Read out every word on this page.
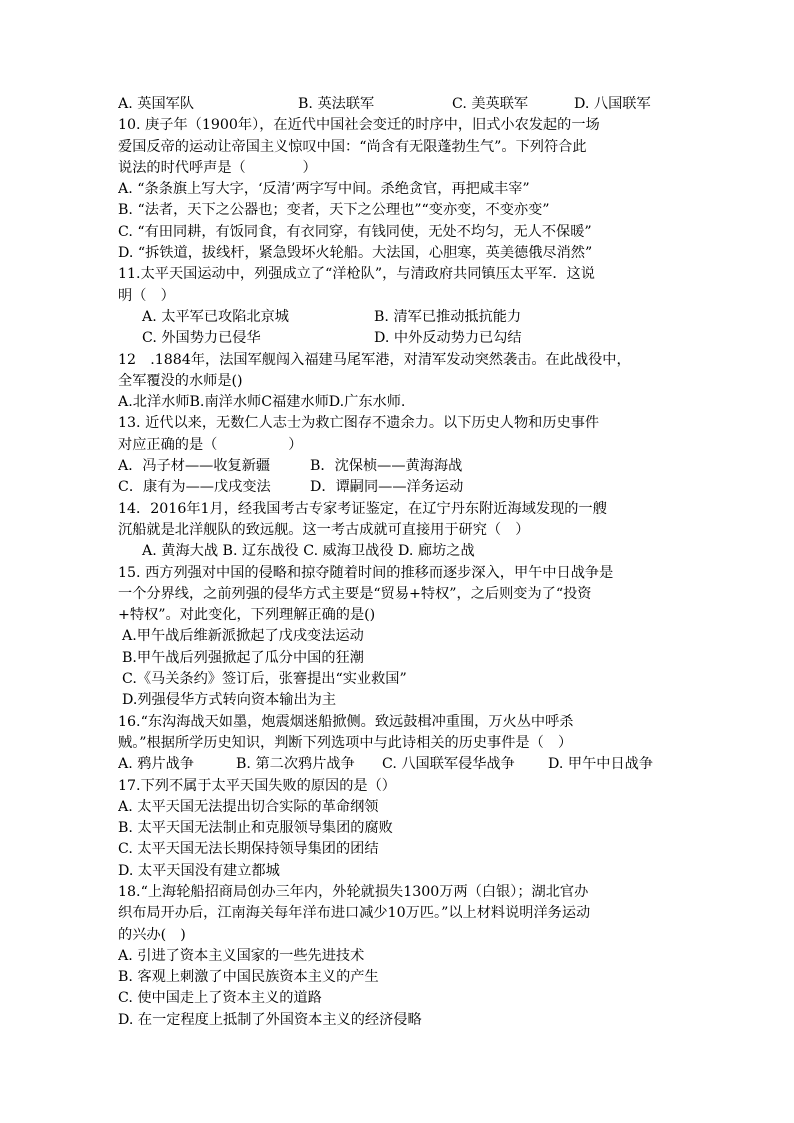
A. 英国军队	B. 英法联军	C. 美英联军	D. 八国联军
10. 庚子年（1900年），在近代中国社会变迁的时序中，旧式小农发起的一场
爱国反帝的运动让帝国主义惊叹中国：“尚含有无限蓬勃生气”。下列符合此
说法的时代呼声是（　　　　）
A. “条条旗上写大字，‘反清’两字写中间。杀绝贪官，再把咸丰宰”
B. “法者，天下之公器也；变者，天下之公理也”“变亦变，不变亦变”
C. “有田同耕，有饭同食，有衣同穿，有钱同使，无处不均匀，无人不保暖”
D. “拆铁道，拔线杆，紧急毁坏火轮船。大法国，心胆寒，英美德俄尽消然”
11.太平天国运动中，列强成立了“洋枪队”，与清政府共同镇压太平军．这说
明（　）
A. 太平军已攻陷北京城	B. 清军已推动抵抗能力
C. 外国势力已侵华	D. 中外反动势力已勾结
12　.1884年，法国军舰闯入福建马尾军港，对清军发动突然袭击。在此战役中，
全军覆没的水师是()
A.北洋水师B.南洋水师C福建水师D.广东水师.
13. 近代以来，无数仁人志士为救亡图存不遗余力。以下历史人物和历史事件
对应正确的是（　　　　　）
A．冯子材——收复新疆	B．沈保桢——黄海海战
C．康有为——戊戌变法	D．谭嗣同——洋务运动
14．2016年1月，经我国考古专家考证鉴定，在辽宁丹东附近海域发现的一艘
沉船就是北洋舰队的致远舰。这一考古成就可直接用于研究（　）
A. 黄海大战 B. 辽东战役 C. 威海卫战役 D. 廊坊之战
15. 西方列强对中国的侵略和掠夺随着时间的推移而逐步深入，甲午中日战争是
一个分界线，之前列强的侵华方式主要是“贸易+特权”，之后则变为了“投资
+特权”。对此变化，下列理解正确的是()
A.甲午战后维新派掀起了戊戌变法运动
B.甲午战后列强掀起了瓜分中国的狂潮
C.《马关条约》签订后，张謇提出“实业救国”
D.列强侵华方式转向资本输出为主
16.“东沟海战天如墨，炮震烟迷船掀侧。致远鼓楫冲重围，万火丛中呼杀
贼。”根据所学历史知识，判断下列选项中与此诗相关的历史事件是（　）
A. 鸦片战争	B. 第二次鸦片战争	C. 八国联军侵华战争	D. 甲午中日战争
17.下列不属于太平天国失败的原因的是（）
A. 太平天国无法提出切合实际的革命纲领
B. 太平天国无法制止和克服领导集团的腐败
C. 太平天国无法长期保持领导集团的团结
D. 太平天国没有建立都城
18.“上海轮船招商局创办三年内，外轮就损失1300万两（白银）；湖北官办
织布局开办后，江南海关每年洋布进口减少10万匹。”以上材料说明洋务运动
的兴办(　)
A. 引进了资本主义国家的一些先进技术
B. 客观上刺激了中国民族资本主义的产生
C. 使中国走上了资本主义的道路
D. 在一定程度上抵制了外国资本主义的经济侵略
